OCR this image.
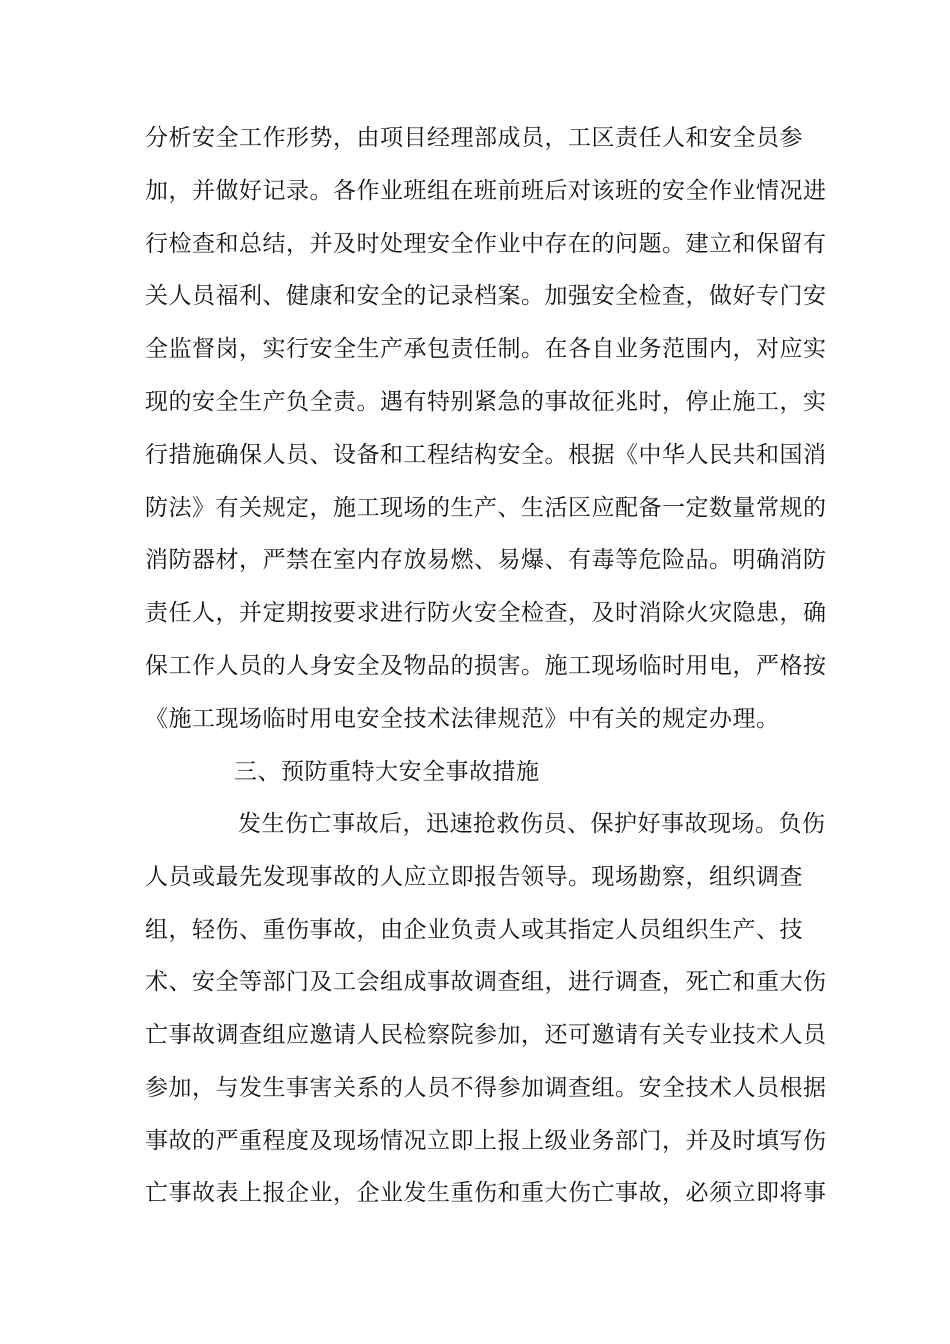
分析安全工作形势，由项目经理部成员，工区责任人和安全员参
加，并做好记录。各作业班组在班前班后对该班的安全作业情况进
行检查和总结，并及时处理安全作业中存在的问题。建立和保留有
关人员福利、健康和安全的记录档案。加强安全检查，做好专门安
全监督岗，实行安全生产承包责任制。在各自业务范围内，对应实
现的安全生产负全责。遇有特别紧急的事故征兆时，停止施工，实
行措施确保人员、设备和工程结构安全。根据《中华人民共和国消
防法》有关规定，施工现场的生产、生活区应配备一定数量常规的
消防器材，严禁在室内存放易燃、易爆、有毒等危险品。明确消防
责任人，并定期按要求进行防火安全检查，及时消除火灾隐患，确
保工作人员的人身安全及物品的损害。施工现场临时用电，严格按
《施工现场临时用电安全技术法律规范》中有关的规定办理。
三、预防重特大安全事故措施
发生伤亡事故后，迅速抢救伤员、保护好事故现场。负伤
人员或最先发现事故的人应立即报告领导。现场勘察，组织调查
组，轻伤、重伤事故，由企业负责人或其指定人员组织生产、技
术、安全等部门及工会组成事故调查组，进行调查，死亡和重大伤
亡事故调查组应邀请人民检察院参加，还可邀请有关专业技术人员
参加，与发生事害关系的人员不得参加调查组。安全技术人员根据
事故的严重程度及现场情况立即上报上级业务部门，并及时填写伤
亡事故表上报企业，企业发生重伤和重大伤亡事故，必须立即将事
